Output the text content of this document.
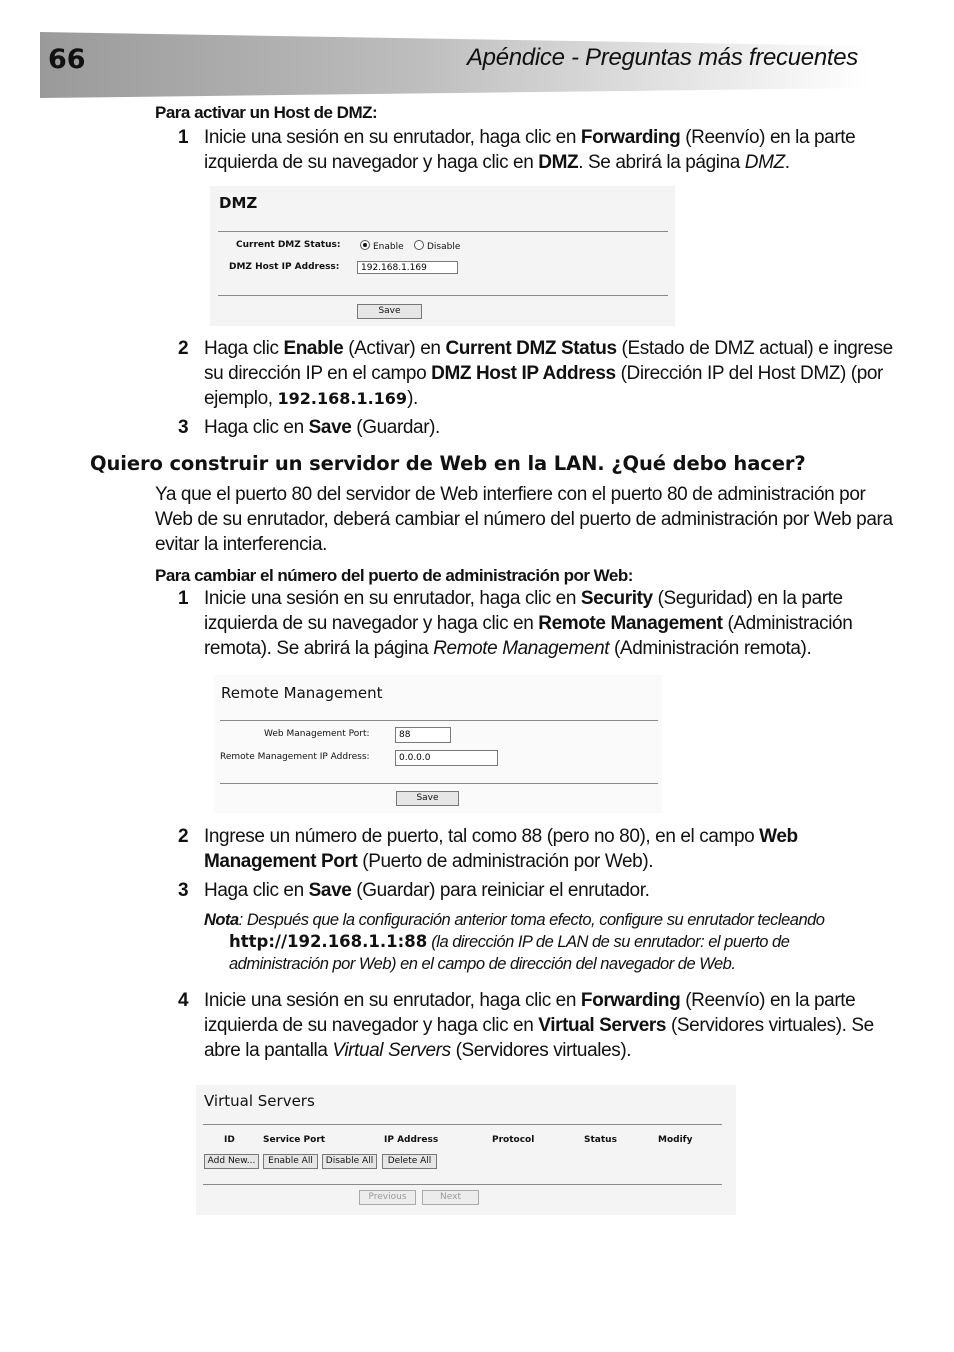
66	Apéndice - Preguntas más frecuentes
Para activar un Host de DMZ:
1 Inicie una sesión en su enrutador, haga clic en Forwarding (Reenvío) en la parte
izquierda de su navegador y haga clic en DMZ. Se abrirá la página DMZ.
DMZ
Current DMZ Status:	Enable	Disable
DMZ Host IP Address:
192.168.1.169
Save
2 Haga clic Enable (Activar) en Current DMZ Status (Estado de DMZ actual) e ingrese
su dirección IP en el campo DMZ Host IP Address (Dirección IP del Host DMZ) (por
ejemplo, 192.168.1.169).
3 Haga clic en Save (Guardar).
Quiero construir un servidor de Web en la LAN. ¿Qué debo hacer?
Ya que el puerto 80 del servidor de Web interfiere con el puerto 80 de administración por
Web de su enrutador, deberá cambiar el número del puerto de administración por Web para
evitar la interferencia.
Para cambiar el número del puerto de administración por Web:
1 Inicie una sesión en su enrutador, haga clic en Security (Seguridad) en la parte
izquierda de su navegador y haga clic en Remote Management (Administración
remota). Se abrirá la página Remote Management (Administración remota).
Remote Management
Web Management Port:
88
Remote Management IP Address:
0.0.0.0
Save
2 Ingrese un número de puerto, tal como 88 (pero no 80), en el campo Web
Management Port (Puerto de administración por Web).
3 Haga clic en Save (Guardar) para reiniciar el enrutador.
Nota: Después que la configuración anterior toma efecto, configure su enrutador tecleando
http://192.168.1.1:88 (la dirección IP de LAN de su enrutador: el puerto de
administración por Web) en el campo de dirección del navegador de Web.
4 Inicie una sesión en su enrutador, haga clic en Forwarding (Reenvío) en la parte
izquierda de su navegador y haga clic en Virtual Servers (Servidores virtuales). Se
abre la pantalla Virtual Servers (Servidores virtuales).
Virtual Servers
ID	Service Port	IP Address	Protocol	Status	Modify
Add New...	Enable All	Disable All	Delete All
Previous	Next
